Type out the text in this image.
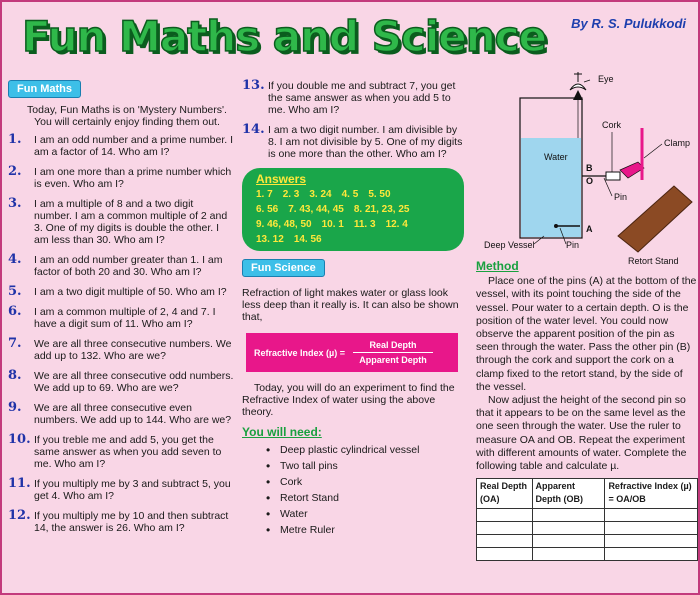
Fun Maths and Science By R. S. Pulukkodi
Fun Maths
Today, Fun Maths is on 'Mystery Numbers'. You will certainly enjoy finding them out.
1.	I am an odd number and a prime number. I am a factor of 14. Who am I?
2.	I am one more than a prime number which is even. Who am I?
3.	I am a multiple of 8 and a two digit number. I am a common multiple of 2 and 3. One of my digits is double the other. I am less than 30. Who am I?
4.	I am an odd number greater than 1. I am factor of both 20 and 30. Who am I?
5.	I am a two digit multiple of 50. Who am I?
6.	I am a common multiple of 2, 4 and 7. I have a digit sum of 11. Who am I?
7.	We are all three consecutive numbers. We add up to 132. Who are we?
8.	We are all three consecutive odd numbers. We add up to 69. Who are we?
9.	We are all three consecutive even numbers. We add up to 144. Who are we?
10. If you treble me and add 5, you get the same answer as when you add seven to me. Who am I?
11. If you multiply me by 3 and subtract 5, you get 4. Who am I?
12. If you multiply me by 10 and then subtract 14, the answer is 26. Who am I?
13. If you double me and subtract 7, you get the same answer as when you add 5 to me. Who am I?
14. I am a two digit number. I am divisible by 8. I am not divisible by 5. One of my digits is one more than the other. Who am I?
Answers
1. 7 2. 3 3. 24 4. 5 5. 50
6. 56 7. 43, 44, 45 8. 21, 23, 25
9. 46, 48, 50 10. 1 11. 3 12. 4
13. 12 14. 56
Fun Science
Refraction of light makes water or glass look less deep than it really is. It can also be shown that,
Refractive Index $(\mu) = \frac{\text{Real Depth}}{\text{Apparent Depth}}$
Today, you will do an experiment to find the Refractive Index of water using the above theory.
You will need:
• Deep plastic cylindrical vessel
• Two tall pins
• Cork
• Retort Stand
• Water
• Metre Ruler
Eye
Water
A
O
B
Cork
Clamp
Pin
Retort Stand
Deep Vessel	Pin
Method

Place one of the pins (A) at the bottom of the vessel, with its point touching the side of the vessel. Pour water to a certain depth. O is the position of the water level. You could now observe the apparent position of the pin as seen through the water. Pass the other pin (B) through the cork and support the cork on a clamp fixed to the retort stand, by the side of the vessel.

Now adjust the height of the second pin so that it appears to be on the same level as the one seen through the water. Use the ruler to measure OA and OB. Repeat the experiment with different amounts of water. Complete the following table and calculate µ.

Real Depth (OA)	Apparent Depth (OB)	Refractive Index (µ) = OA/OB
